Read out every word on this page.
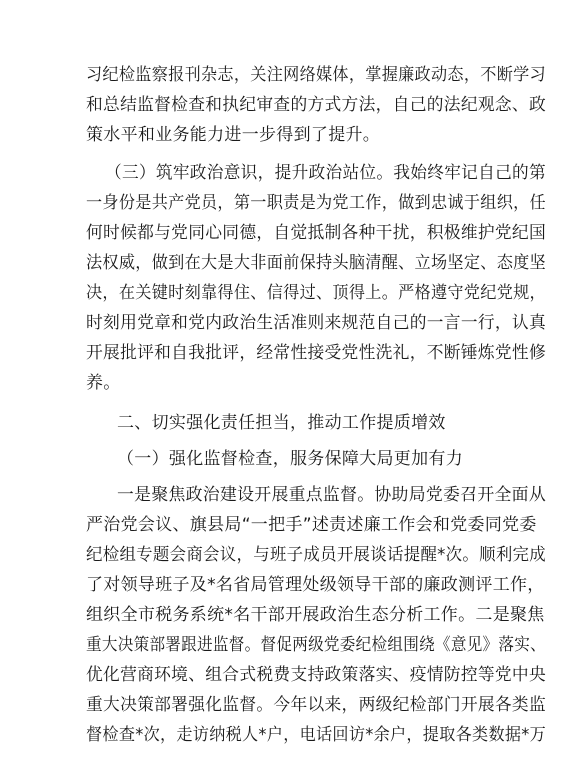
习纪检监察报刊杂志，关注网络媒体，掌握廉政动态，不断学习
和总结监督检查和执纪审查的方式方法，自己的法纪观念、政
策水平和业务能力进一步得到了提升。
（三）筑牢政治意识，提升政治站位。我始终牢记自己的第
一身份是共产党员，第一职责是为党工作，做到忠诚于组织，任
何时候都与党同心同德，自觉抵制各种干扰，积极维护党纪国
法权威，做到在大是大非面前保持头脑清醒、立场坚定、态度坚
决，在关键时刻靠得住、信得过、顶得上。严格遵守党纪党规，
时刻用党章和党内政治生活准则来规范自己的一言一行，认真
开展批评和自我批评，经常性接受党性洗礼，不断锤炼党性修
养。
二、切实强化责任担当，推动工作提质增效
（一）强化监督检查，服务保障大局更加有力
一是聚焦政治建设开展重点监督。协助局党委召开全面从
严治党会议、旗县局“一把手”述责述廉工作会和党委同党委
纪检组专题会商会议，与班子成员开展谈话提醒*次。顺利完成
了对领导班子及*名省局管理处级领导干部的廉政测评工作，
组织全市税务系统*名干部开展政治生态分析工作。二是聚焦
重大决策部署跟进监督。督促两级党委纪检组围绕《意见》落实、
优化营商环境、组合式税费支持政策落实、疫情防控等党中央
重大决策部署强化监督。今年以来，两级纪检部门开展各类监
督检查*次，走访纳税人*户，电话回访*余户，提取各类数据*万
